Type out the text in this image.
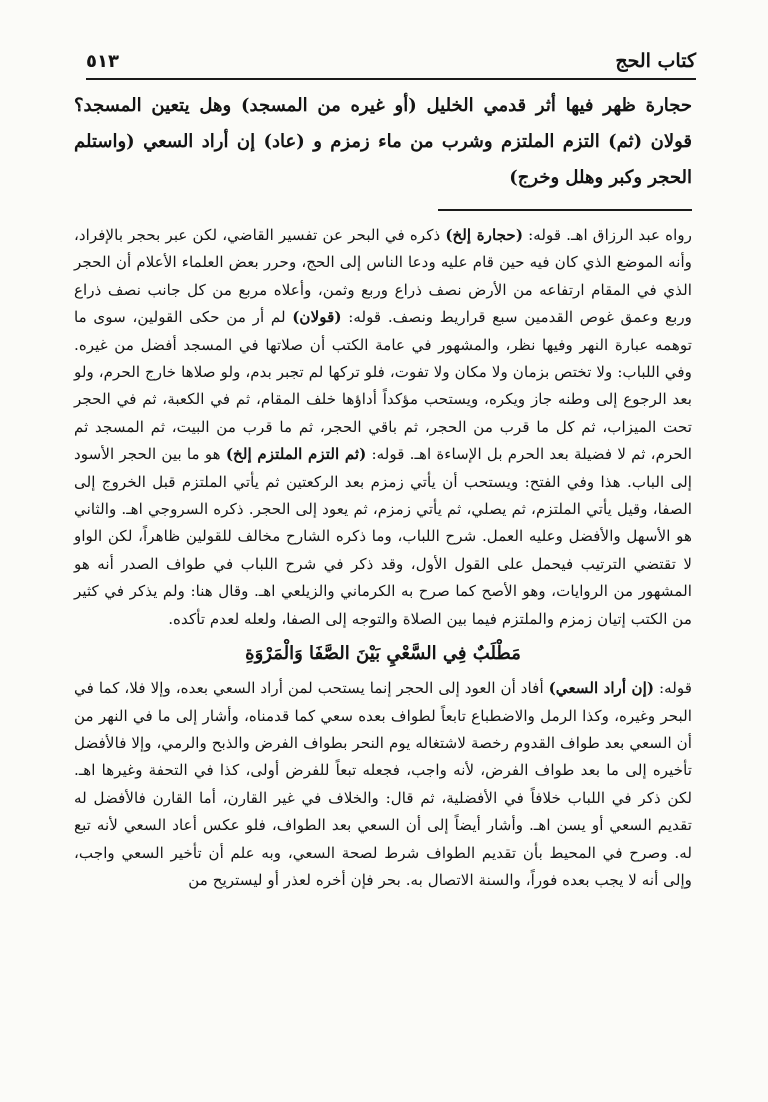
كتاب الحج
٥١٣
حجارة ظهر فيها أثر قدمي الخليل (أو غيره من المسجد) وهل يتعين المسجد؟ قولان (ثم) التزم الملتزم وشرب من ماء زمزم و (عاد) إن أراد السعي (واستلم الحجر وكبر وهلل وخرج)

رواه عبد الرزاق اهـ. قوله: (حجارة إلخ) ذكره في البحر عن تفسير القاضي، لكن عبر بحجر بالإفراد، وأنه الموضع الذي كان فيه حين قام عليه ودعا الناس إلى الحج، وحرر بعض العلماء الأعلام أن الحجر الذي في المقام ارتفاعه من الأرض نصف ذراع وربع وثمن، وأعلاه مربع من كل جانب نصف ذراع وربع وعمق غوص القدمين سبع قراريط ونصف. قوله: (قولان) لم أر من حكى القولين، سوى ما توهمه عبارة النهر وفيها نظر، والمشهور في عامة الكتب أن صلاتها في المسجد أفضل من غيره. وفي اللباب: ولا تختص بزمان ولا مكان ولا تفوت، فلو تركها لم تجبر بدم، ولو صلاها خارج الحرم، ولو بعد الرجوع إلى وطنه جاز ويكره، ويستحب مؤكداً أداؤها خلف المقام، ثم في الكعبة، ثم في الحجر تحت الميزاب، ثم كل ما قرب من الحجر، ثم باقي الحجر، ثم ما قرب من البيت، ثم المسجد ثم الحرم، ثم لا فضيلة بعد الحرم بل الإساءة اهـ. قوله: (ثم التزم الملتزم إلخ) هو ما بين الحجر الأسود إلى الباب. هذا وفي الفتح: ويستحب أن يأتي زمزم بعد الركعتين ثم يأتي الملتزم قبل الخروج إلى الصفا، وقيل يأتي الملتزم، ثم يصلي، ثم يأتي زمزم، ثم يعود إلى الحجر. ذكره السروجي اهـ. والثاني هو الأسهل والأفضل وعليه العمل. شرح اللباب، وما ذكره الشارح مخالف للقولين ظاهراً، لكن الواو لا تقتضي الترتيب فيحمل على القول الأول، وقد ذكر في شرح اللباب في طواف الصدر أنه هو المشهور من الروايات، وهو الأصح كما صرح به الكرماني والزيلعي اهـ. وقال هنا: ولم يذكر في كثير من الكتب إتيان زمزم والملتزم فيما بين الصلاة والتوجه إلى الصفا، ولعله لعدم تأكده.

مَطْلَبٌ فِي السَّعْيِ بَيْنَ الصَّفَا وَالْمَرْوَةِ

قوله: (إن أراد السعي) أفاد أن العود إلى الحجر إنما يستحب لمن أراد السعي بعده، وإلا فلا، كما في البحر وغيره، وكذا الرمل والاضطباع تابعاً لطواف بعده سعي كما قدمناه، وأشار إلى ما في النهر من أن السعي بعد طواف القدوم رخصة لاشتغاله يوم النحر بطواف الفرض والذبح والرمي، وإلا فالأفضل تأخيره إلى ما بعد طواف الفرض، لأنه واجب، فجعله تبعاً للفرض أولى، كذا في التحفة وغيرها اهـ. لكن ذكر في اللباب خلافاً في الأفضلية، ثم قال: والخلاف في غير القارن، أما القارن فالأفضل له تقديم السعي أو يسن اهـ. وأشار أيضاً إلى أن السعي بعد الطواف، فلو عكس أعاد السعي لأنه تبع له. وصرح في المحيط بأن تقديم الطواف شرط لصحة السعي، وبه علم أن تأخير السعي واجب، وإلى أنه لا يجب بعده فوراً، والسنة الاتصال به. بحر فإن أخره لعذر أو ليستريح من
